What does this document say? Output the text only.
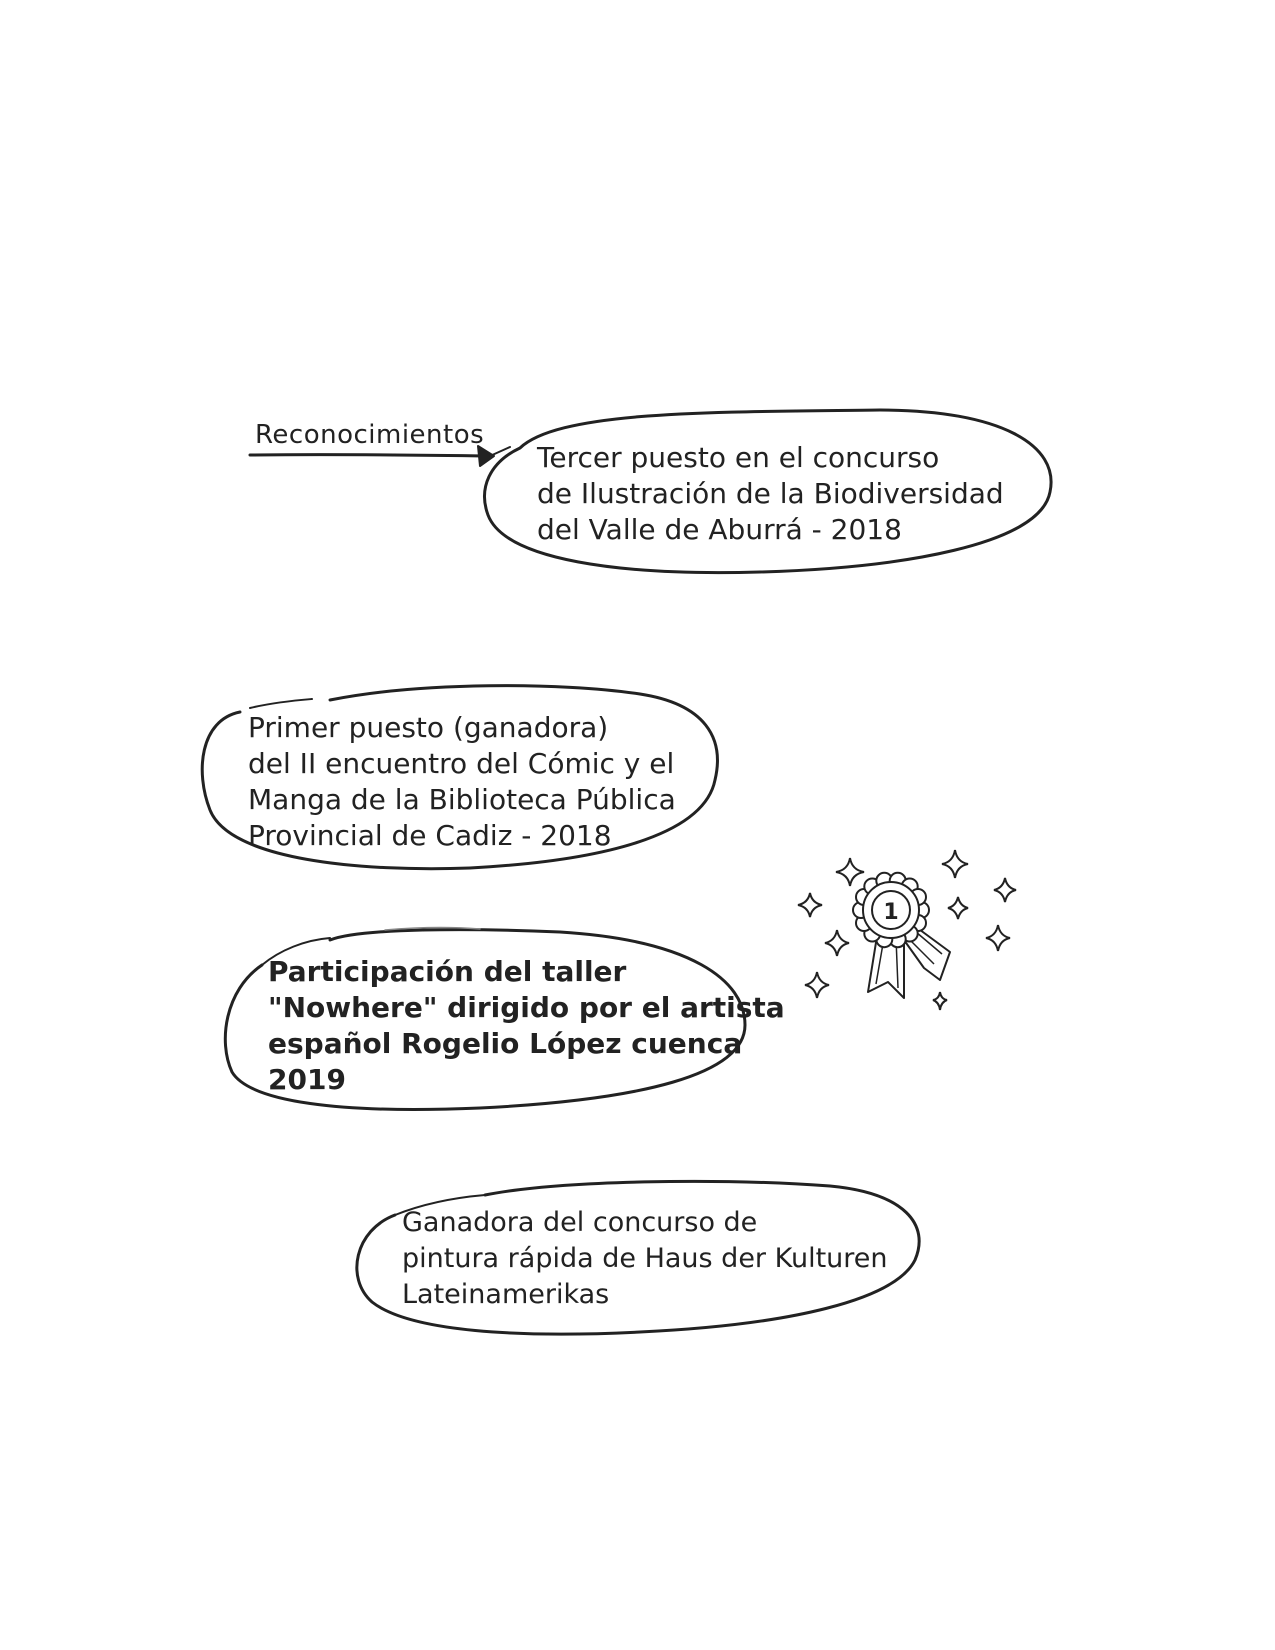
1
Reconocimientos

Tercer puesto en el concurso
de Ilustración de la Biodiversidad
del Valle de Aburrá - 2018

Primer puesto (ganadora)
del II encuentro del Cómic y el
Manga de la Biblioteca Pública
Provincial de Cadiz - 2018

Participación del taller
"Nowhere" dirigido por el artista
español Rogelio López cuenca
2019

Ganadora del concurso de
pintura rápida de Haus der Kulturen
Lateinamerikas
